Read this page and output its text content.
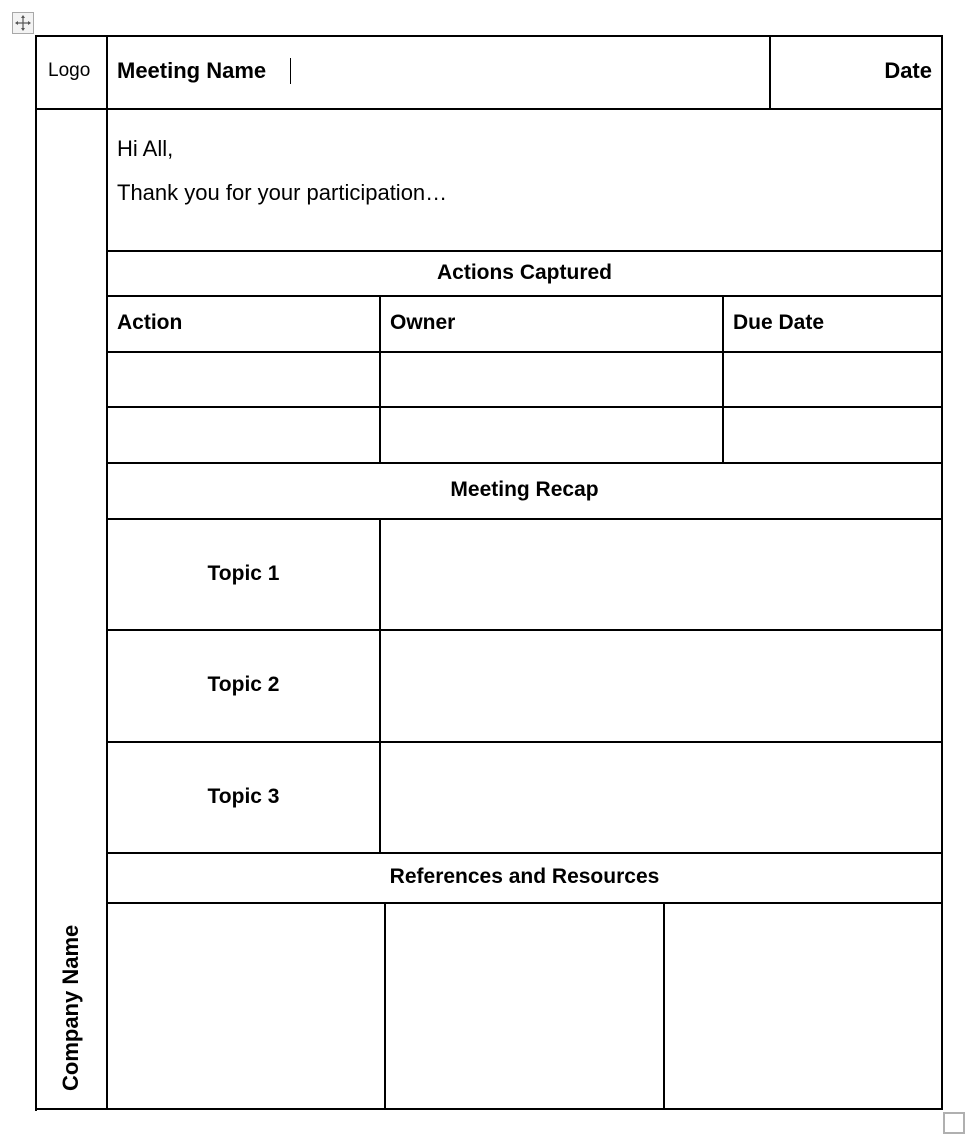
Logo Meeting Name	Date
Hi All,
Thank you for your participation…
Company Name
Actions Captured
Action	Owner	Due Date
Meeting Recap
Topic 1
Topic 2
Topic 3
References and Resources
